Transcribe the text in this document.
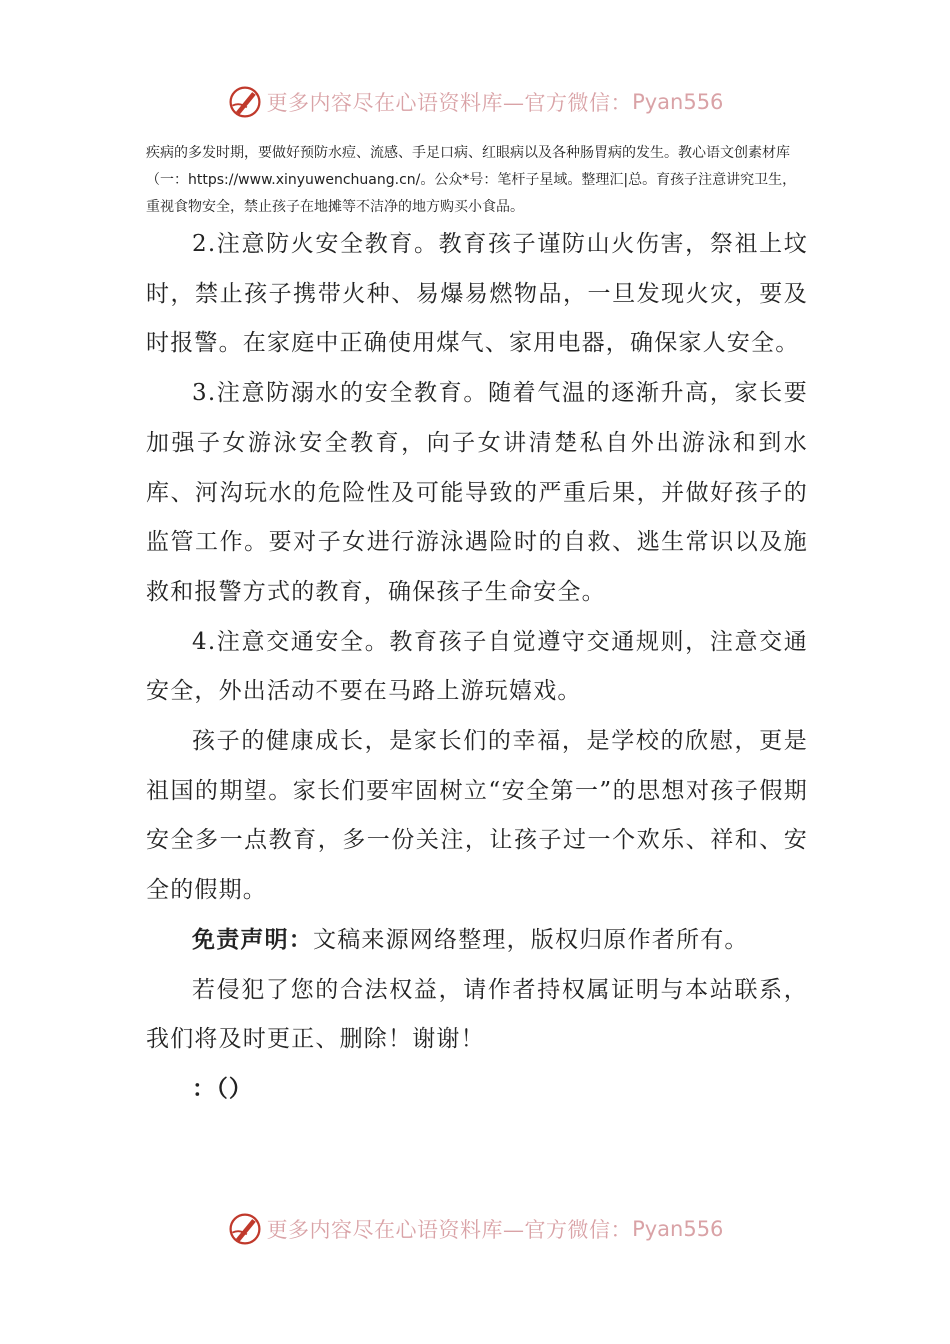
更多内容尽在心语资料库—官方微信： Pyan556
疾病的多发时期，要做好预防水痘、流感、手足口病、红眼病以及各种肠胃病的发生。教心语文创素材库（一：https://www.xinyuwenchuang.cn/。公众*号：笔杆子星域。整理汇|总。育孩子注意讲究卫生，重视食物安全，禁止孩子在地摊等不洁净的地方购买小食品。

2.注意防火安全教育。教育孩子谨防山火伤害，祭祖上坟时，禁止孩子携带火种、易爆易燃物品，一旦发现火灾，要及时报警。在家庭中正确使用煤气、家用电器，确保家人安全。

3.注意防溺水的安全教育。随着气温的逐渐升高，家长要加强子女游泳安全教育，向子女讲清楚私自外出游泳和到水库、河沟玩水的危险性及可能导致的严重后果，并做好孩子的监管工作。要对子女进行游泳遇险时的自救、逃生常识以及施救和报警方式的教育，确保孩子生命安全。

4.注意交通安全。教育孩子自觉遵守交通规则，注意交通安全，外出活动不要在马路上游玩嬉戏。

孩子的健康成长，是家长们的幸福，是学校的欣慰，更是祖国的期望。家长们要牢固树立“安全第一”的思想对孩子假期安全多一点教育，多一份关注，让孩子过一个欢乐、祥和、安全的假期。

免责声明：文稿来源网络整理，版权归原作者所有。

若侵犯了您的合法权益，请作者持权属证明与本站联系，我们将及时更正、删除！谢谢！

：（）

更多内容尽在心语资料库—官方微信： Pyan556
